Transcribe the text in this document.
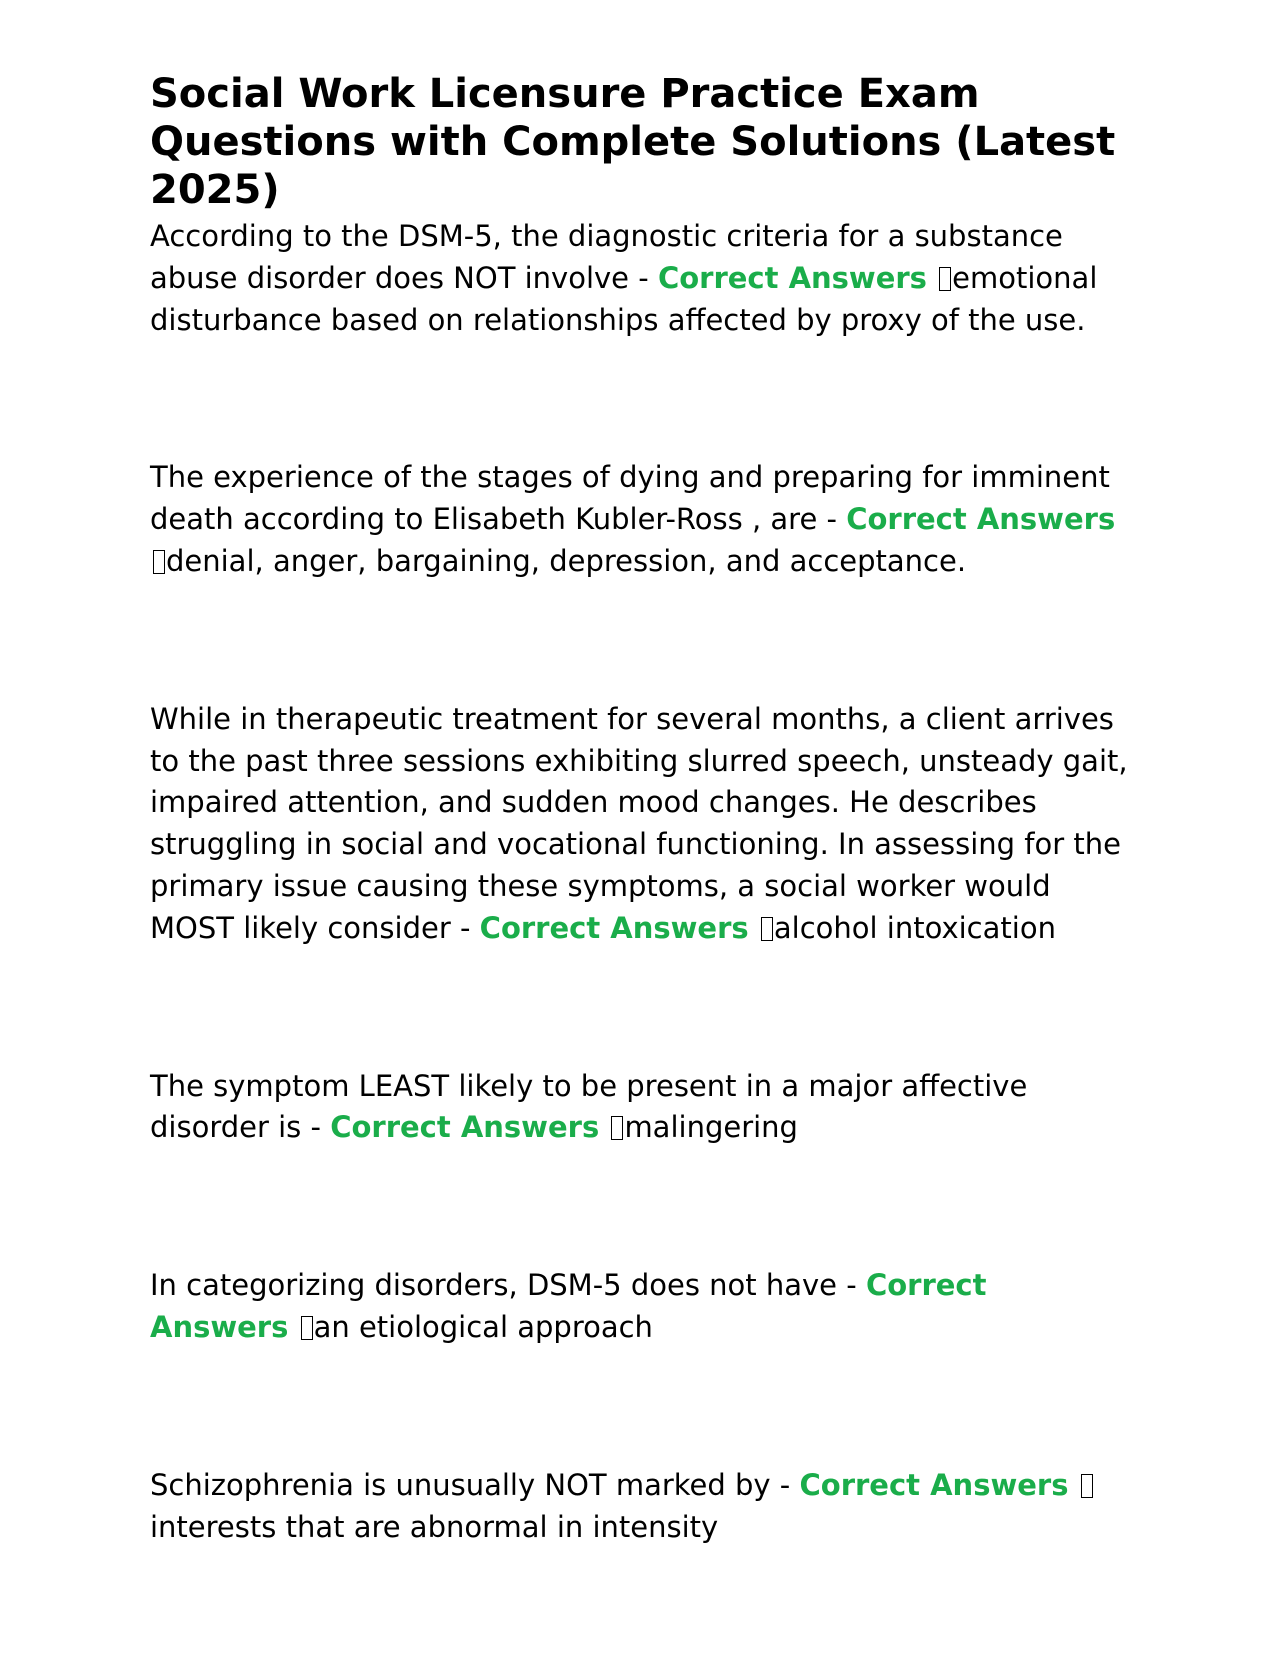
Social Work Licensure Practice Exam Questions with Complete Solutions (Latest 2025)

According to the DSM-5, the diagnostic criteria for a substance abuse disorder does NOT involve - Correct Answers emotional disturbance based on relationships affected by proxy of the use.

The experience of the stages of dying and preparing for imminent death according to Elisabeth Kubler-Ross , are - Correct Answers denial, anger, bargaining, depression, and acceptance.

While in therapeutic treatment for several months, a client arrives to the past three sessions exhibiting slurred speech, unsteady gait, impaired attention, and sudden mood changes. He describes struggling in social and vocational functioning. In assessing for the primary issue causing these symptoms, a social worker would MOST likely consider - Correct Answers alcohol intoxication

The symptom LEAST likely to be present in a major affective disorder is - Correct Answers malingering

In categorizing disorders, DSM-5 does not have - Correct Answers an etiological approach

Schizophrenia is unusually NOT marked by - Correct Answers interests that are abnormal in intensity
